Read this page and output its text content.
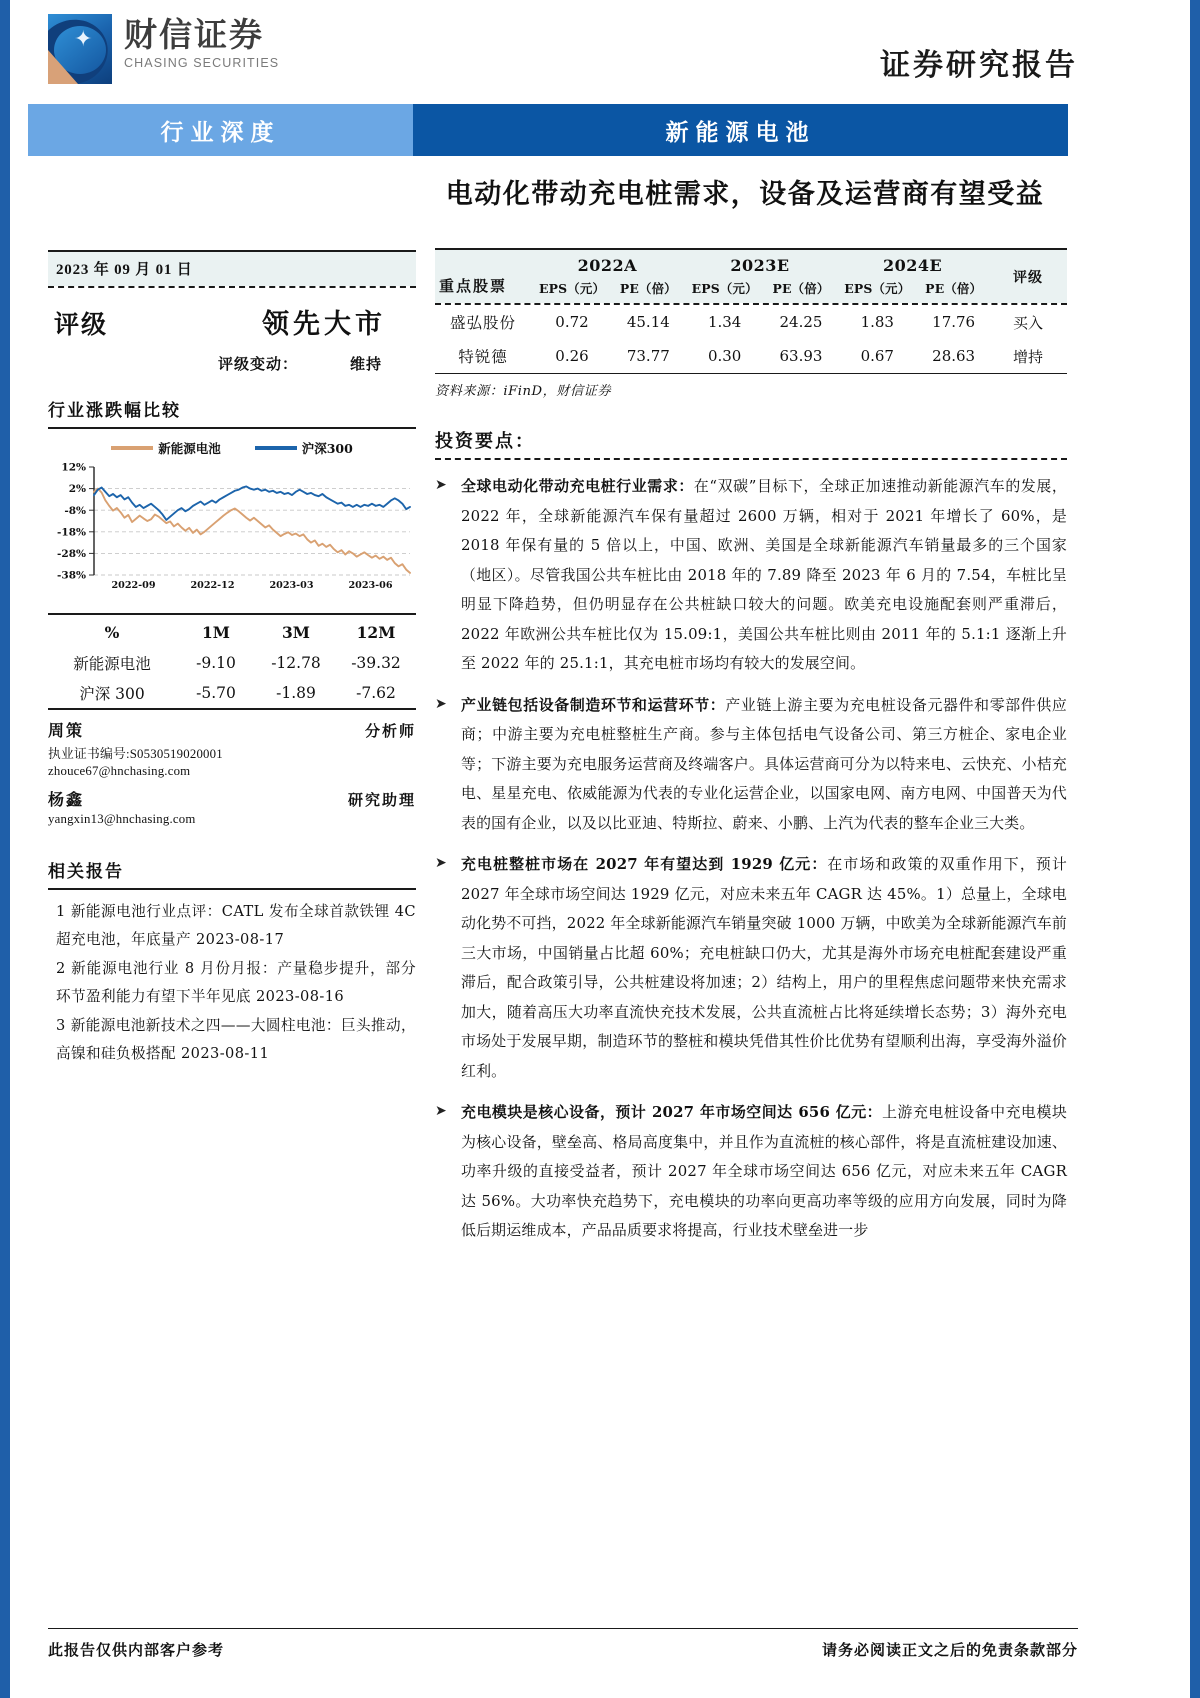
✦ 财信证券
CHASING SECURITIES	证券研究报告
行业深度	新能源电池
电动化带动充电桩需求，设备及运营商有望受益
2023 年 09 月 01 日
评级	领先大市
评级变动：	维持
行业涨跌幅比较
新能源电池	沪深300
12%
2%
-8%
-18%
-28%
-38%
2022-09	2022-12	2023-03	2023-06
%	1M	3M	12M
新能源电池	-9.10	-12.78	-39.32
沪深 300	-5.70	-1.89	-7.62
周策	分析师
执业证书编号:S0530519020001
zhouce67@hnchasing.com
杨鑫	研究助理
yangxin13@hnchasing.com
相关报告
1 新能源电池行业点评：CATL 发布全球首款铁锂 4C 超充电池，年底量产 2023-08-17
2 新能源电池行业 8 月份月报：产量稳步提升，部分环节盈利能力有望下半年见底 2023-08-16
3 新能源电池新技术之四——大圆柱电池：巨头推动，高镍和硅负极搭配 2023-08-11
重点股票	2022A		2023E		2024E		评级
	EPS（元）	PE（倍）	EPS（元）	PE（倍）	EPS（元）	PE（倍）	

盛弘股份	0.72	45.14	1.34	24.25	1.83	17.76	买入
特锐德	0.26	73.77	0.30	63.93	0.67	28.63	增持
资料来源：iFinD，财信证券
投资要点：
➤ 全球电动化带动充电桩行业需求：在“双碳”目标下，全球正加速推动新能源汽车的发展，2022 年，全球新能源汽车保有量超过 2600 万辆，相对于 2021 年增长了 60%，是 2018 年保有量的 5 倍以上，中国、欧洲、美国是全球新能源汽车销量最多的三个国家（地区）。尽管我国公共车桩比由 2018 年的 7.89 降至 2023 年 6 月的 7.54，车桩比呈明显下降趋势，但仍明显存在公共桩缺口较大的问题。欧美充电设施配套则严重滞后，2022 年欧洲公共车桩比仅为 15.09:1，美国公共车桩比则由 2011 年的 5.1:1 逐渐上升至 2022 年的 25.1:1，其充电桩市场均有较大的发展空间。
➤ 产业链包括设备制造环节和运营环节：产业链上游主要为充电桩设备元器件和零部件供应商；中游主要为充电桩整桩生产商。参与主体包括电气设备公司、第三方桩企、家电企业等；下游主要为充电服务运营商及终端客户。具体运营商可分为以特来电、云快充、小桔充电、星星充电、依威能源为代表的专业化运营企业，以国家电网、南方电网、中国普天为代表的国有企业，以及以比亚迪、特斯拉、蔚来、小鹏、上汽为代表的整车企业三大类。
➤ 充电桩整桩市场在 2027 年有望达到 1929 亿元：在市场和政策的双重作用下，预计 2027 年全球市场空间达 1929 亿元，对应未来五年 CAGR 达 45%。1）总量上，全球电动化势不可挡，2022 年全球新能源汽车销量突破 1000 万辆，中欧美为全球新能源汽车前三大市场，中国销量占比超 60%；充电桩缺口仍大，尤其是海外市场充电桩配套建设严重滞后，配合政策引导，公共桩建设将加速；2）结构上，用户的里程焦虑问题带来快充需求加大，随着高压大功率直流快充技术发展，公共直流桩占比将延续增长态势；3）海外充电市场处于发展早期，制造环节的整桩和模块凭借其性价比优势有望顺利出海，享受海外溢价红利。
➤ 充电模块是核心设备，预计 2027 年市场空间达 656 亿元：上游充电桩设备中充电模块为核心设备，壁垒高、格局高度集中，并且作为直流桩的核心部件，将是直流桩建设加速、功率升级的直接受益者，预计 2027 年全球市场空间达 656 亿元，对应未来五年 CAGR 达 56%。大功率快充趋势下，充电模块的功率向更高功率等级的应用方向发展，同时为降低后期运维成本，产品品质要求将提高，行业技术壁垒进一步
此报告仅供内部客户参考	请务必阅读正文之后的免责条款部分
